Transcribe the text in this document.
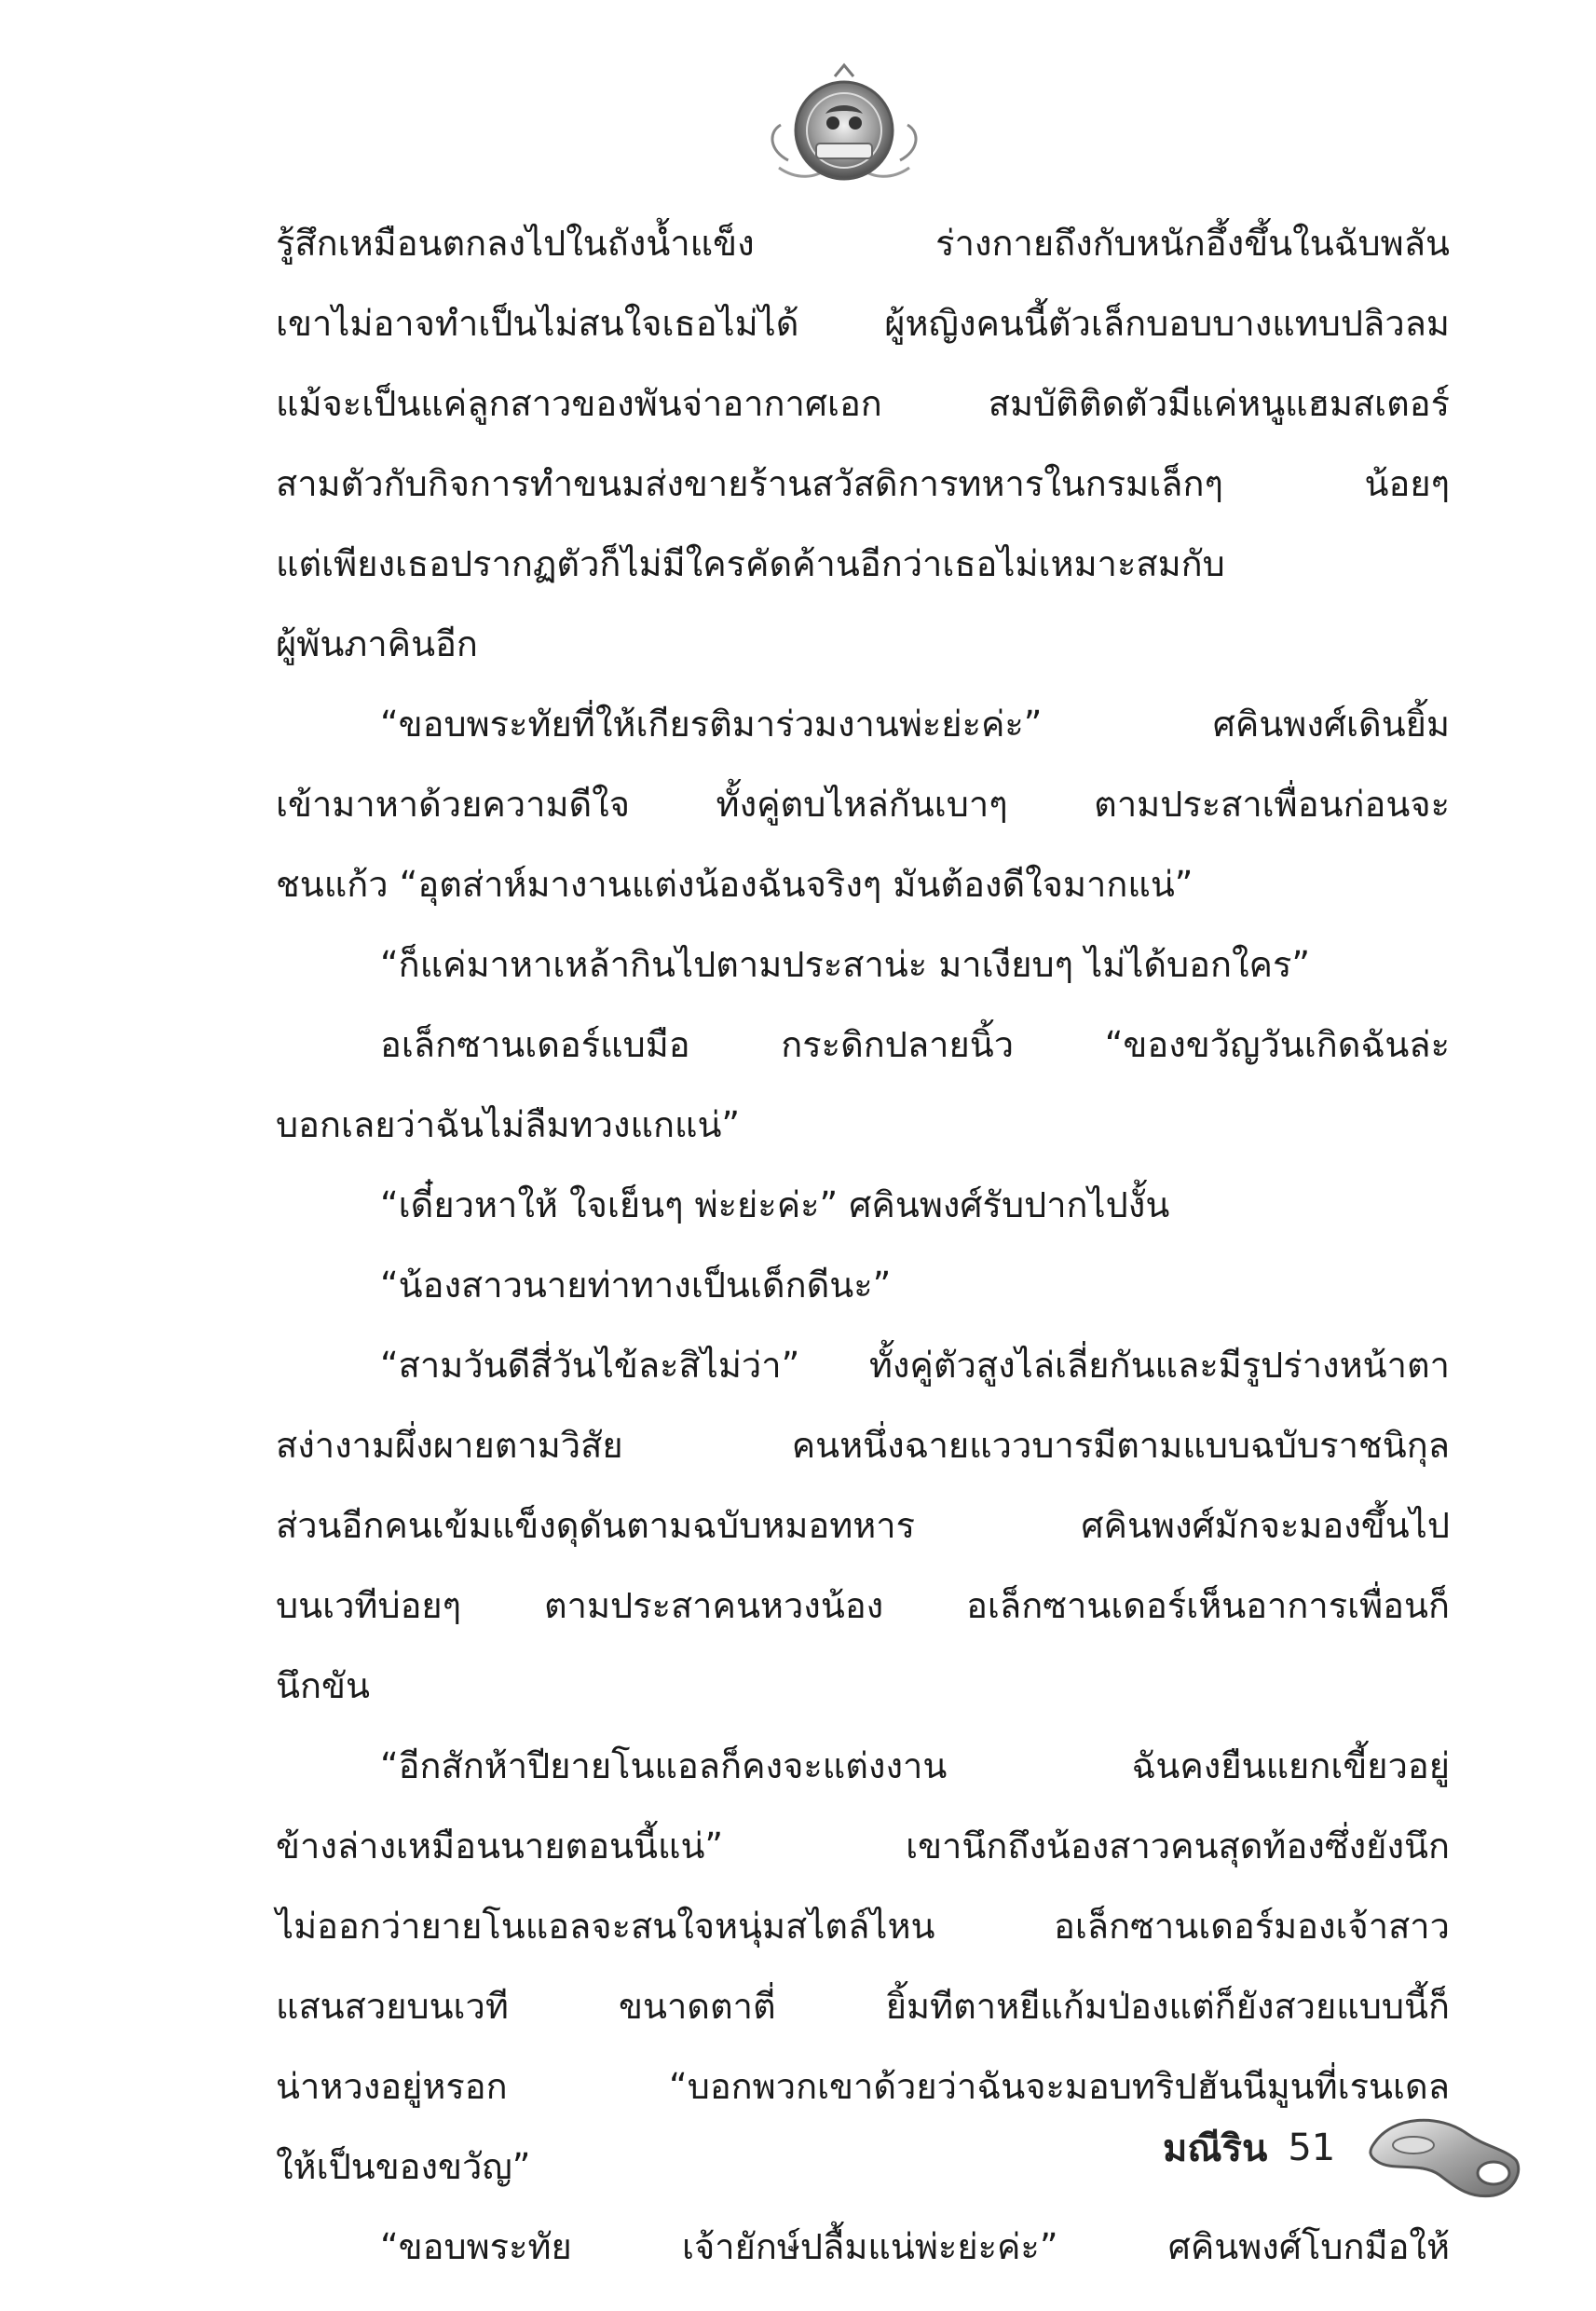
รู้สึกเหมือนตกลงไปในถังน้ำแข็ง ร่างกายถึงกับหนักอึ้งขึ้นในฉับพลัน
เขาไม่อาจทำเป็นไม่สนใจเธอไม่ได้ ผู้หญิงคนนี้ตัวเล็กบอบบางแทบปลิวลม
แม้จะเป็นแค่ลูกสาวของพันจ่าอากาศเอก สมบัติติดตัวมีแค่หนูแฮมสเตอร์
สามตัวกับกิจการทำขนมส่งขายร้านสวัสดิการทหารในกรมเล็กๆ น้อยๆ
แต่เพียงเธอปรากฏตัวก็ไม่มีใครคัดค้านอีกว่าเธอไม่เหมาะสมกับ
ผู้พันภาคินอีก
“ขอบพระทัยที่ให้เกียรติมาร่วมงานพ่ะย่ะค่ะ” ศคินพงศ์เดินยิ้ม
เข้ามาหาด้วยความดีใจ ทั้งคู่ตบไหล่กันเบาๆ ตามประสาเพื่อนก่อนจะ
ชนแก้ว “อุตส่าห์มางานแต่งน้องฉันจริงๆ มันต้องดีใจมากแน่”
“ก็แค่มาหาเหล้ากินไปตามประสาน่ะ มาเงียบๆ ไม่ได้บอกใคร”
อเล็กซานเดอร์แบมือ กระดิกปลายนิ้ว “ของขวัญวันเกิดฉันล่ะ
บอกเลยว่าฉันไม่ลืมทวงแกแน่”
“เดี๋ยวหาให้ ใจเย็นๆ พ่ะย่ะค่ะ” ศคินพงศ์รับปากไปงั้น
“น้องสาวนายท่าทางเป็นเด็กดีนะ”
“สามวันดีสี่วันไข้ละสิไม่ว่า” ทั้งคู่ตัวสูงไล่เลี่ยกันและมีรูปร่างหน้าตา
สง่างามผึ่งผายตามวิสัย คนหนึ่งฉายแววบารมีตามแบบฉบับราชนิกุล
ส่วนอีกคนเข้มแข็งดุดันตามฉบับหมอทหาร ศคินพงศ์มักจะมองขึ้นไป
บนเวทีบ่อยๆ ตามประสาคนหวงน้อง อเล็กซานเดอร์เห็นอาการเพื่อนก็
นึกขัน
“อีกสักห้าปียายโนแอลก็คงจะแต่งงาน ฉันคงยืนแยกเขี้ยวอยู่
ข้างล่างเหมือนนายตอนนี้แน่” เขานึกถึงน้องสาวคนสุดท้องซึ่งยังนึก
ไม่ออกว่ายายโนแอลจะสนใจหนุ่มสไตล์ไหน อเล็กซานเดอร์มองเจ้าสาว
แสนสวยบนเวที ขนาดตาตี่ ยิ้มทีตาหยีแก้มป่องแต่ก็ยังสวยแบบนี้ก็
น่าหวงอยู่หรอก “บอกพวกเขาด้วยว่าฉันจะมอบทริปฮันนีมูนที่เรนเดล
ให้เป็นของขวัญ”
“ขอบพระทัย เจ้ายักษ์ปลื้มแน่พ่ะย่ะค่ะ” ศคินพงศ์โบกมือให้
มณีริน 51
